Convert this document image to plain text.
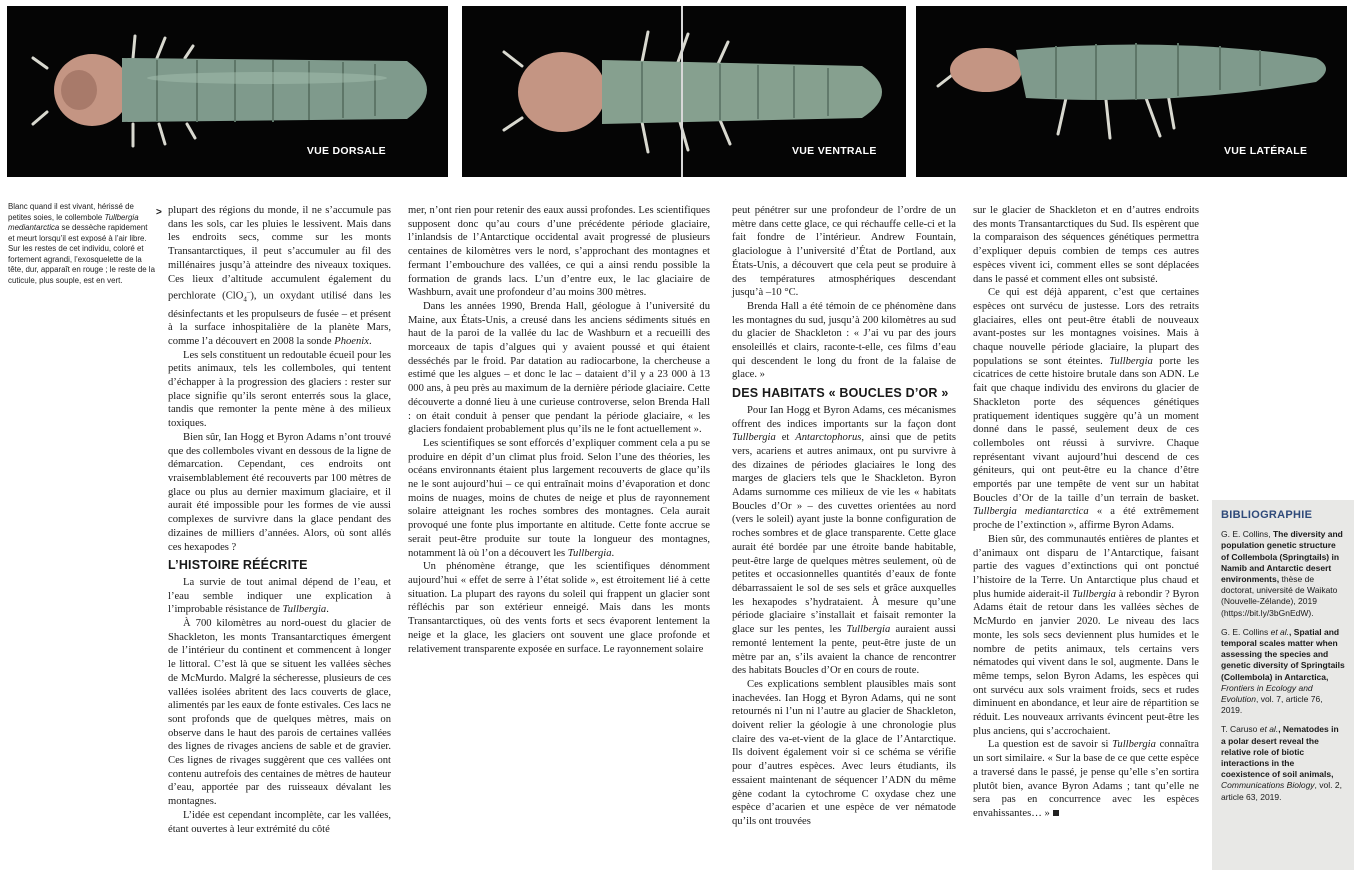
VUE DORSALE	VUE VENTRALE	VUE LATÉRALE
Blanc quand il est vivant, hérissé de petites soies, le collembole Tullbergia mediantarctica se dessèche rapidement et meurt lorsqu’il est exposé à l’air libre. Sur les restes de cet individu, coloré et fortement agrandi, l’exosquelette de la tête, dur, apparaît en rouge ; le reste de la cuticule, plus souple, est en vert.
> plupart des régions du monde, il ne s’accumule pas dans les sols, car les pluies le lessivent. Mais dans les endroits secs, comme sur les monts Transantarctiques, il peut s’accumuler au fil des millénaires jusqu’à atteindre des niveaux toxiques. Ces lieux d’altitude accumulent également du perchlorate (ClO$_4$–), un oxydant utilisé dans les désinfectants et les propulseurs de fusée – et présent à la surface inhospitalière de la planète Mars, comme l’a découvert en 2008 la sonde Phoenix.

Les sels constituent un redoutable écueil pour les petits animaux, tels les collemboles, qui tentent d’échapper à la progression des glaciers : rester sur place signifie qu’ils seront enterrés sous la glace, tandis que remonter la pente mène à des milieux toxiques.

Bien sûr, Ian Hogg et Byron Adams n’ont trouvé que des collemboles vivant en dessous de la ligne de démarcation. Cependant, ces endroits ont vraisemblablement été recouverts par 100 mètres de glace ou plus au dernier maximum glaciaire, et il aurait été impossible pour les formes de vie aussi complexes de survivre dans la glace pendant des dizaines de milliers d’années. Alors, où sont allés ces hexapodes ?

L’HISTOIRE RÉÉCRITE

La survie de tout animal dépend de l’eau, et l’eau semble indiquer une explication à l’improbable résistance de Tullbergia.

À 700 kilomètres au nord-ouest du glacier de Shackleton, les monts Transantarctiques émergent de l’intérieur du continent et commencent à longer le littoral. C’est là que se situent les vallées sèches de McMurdo. Malgré la sécheresse, plusieurs de ces vallées isolées abritent des lacs couverts de glace, alimentés par les eaux de fonte estivales. Ces lacs ne sont profonds que de quelques mètres, mais on observe dans le haut des parois de certaines vallées des lignes de rivages anciens de sable et de gravier. Ces lignes de rivages suggèrent que ces vallées ont contenu autrefois des centaines de mètres de hauteur d’eau, apportée par des ruisseaux dévalant les montagnes.

L’idée est cependant incomplète, car les vallées, étant ouvertes à leur extrémité du côté

mer, n’ont rien pour retenir des eaux aussi profondes. Les scientifiques supposent donc qu’au cours d’une précédente période glaciaire, l’inlandsis de l’Antarctique occidental avait progressé de plusieurs centaines de kilomètres vers le nord, s’approchant des montagnes et fermant l’embouchure des vallées, ce qui a ainsi rendu possible la formation de grands lacs. L’un d’entre eux, le lac glaciaire de Washburn, avait une profondeur d’au moins 300 mètres.

Dans les années 1990, Brenda Hall, géologue à l’université du Maine, aux États-Unis, a creusé dans les anciens sédiments situés en haut de la paroi de la vallée du lac de Washburn et a recueilli des morceaux de tapis d’algues qui y avaient poussé et qui étaient desséchés par le froid. Par datation au radiocarbone, la chercheuse a estimé que les algues – et donc le lac – dataient d’il y a 23 000 à 13 000 ans, à peu près au maximum de la dernière période glaciaire. Cette découverte a donné lieu à une curieuse controverse, selon Brenda Hall : on était conduit à penser que pendant la période glaciaire, « les glaciers fondaient probablement plus qu’ils ne le font actuellement ».

Les scientifiques se sont efforcés d’expliquer comment cela a pu se produire en dépit d’un climat plus froid. Selon l’une des théories, les océans environnants étaient plus largement recouverts de glace qu’ils ne le sont aujourd’hui – ce qui entraînait moins d’évaporation et donc moins de nuages, moins de chutes de neige et plus de rayonnement solaire atteignant les roches sombres des montagnes. Cela aurait provoqué une fonte plus importante en altitude. Cette fonte accrue se serait peut-être produite sur toute la longueur des montagnes, notamment là où l’on a découvert les Tullbergia.

Un phénomène étrange, que les scientifiques dénomment aujourd’hui « effet de serre à l’état solide », est étroitement lié à cette situation. La plupart des rayons du soleil qui frappent un glacier sont réfléchis par son extérieur enneigé. Mais dans les monts Transantarctiques, où des vents forts et secs évaporent lentement la neige et la glace, les glaciers ont souvent une glace profonde et relativement transparente exposée en surface. Le rayonnement solaire

peut pénétrer sur une profondeur de l’ordre de un mètre dans cette glace, ce qui réchauffe celle-ci et la fait fondre de l’intérieur. Andrew Fountain, glaciologue à l’université d’État de Portland, aux États-Unis, a découvert que cela peut se produire à des températures atmosphériques descendant jusqu’à –10 °C.

Brenda Hall a été témoin de ce phénomène dans les montagnes du sud, jusqu’à 200 kilomètres au sud du glacier de Shackleton : « J’ai vu par des jours ensoleillés et clairs, raconte-t-elle, ces films d’eau qui descendent le long du front de la falaise de glace. »

DES HABITATS « BOUCLES D’OR »

Pour Ian Hogg et Byron Adams, ces mécanismes offrent des indices importants sur la façon dont Tullbergia et Antarctophorus, ainsi que de petits vers, acariens et autres animaux, ont pu survivre à des dizaines de périodes glaciaires le long des marges de glaciers tels que le Shackleton. Byron Adams surnomme ces milieux de vie les « habitats Boucles d’Or » – des cuvettes orientées au nord (vers le soleil) ayant juste la bonne configuration de roches sombres et de glace transparente. Cette glace aurait été bordée par une étroite bande habitable, peut-être large de quelques mètres seulement, où de petites et occasionnelles quantités d’eaux de fonte débarrassaient le sol de ses sels et grâce auxquelles les hexapodes s’hydrataient. À mesure qu’une période glaciaire s’installait et faisait remonter la glace sur les pentes, les Tullbergia auraient aussi remonté lentement la pente, peut-être juste de un mètre par an, s’ils avaient la chance de rencontrer des habitats Boucles d’Or en cours de route.

Ces explications semblent plausibles mais sont inachevées. Ian Hogg et Byron Adams, qui ne sont retournés ni l’un ni l’autre au glacier de Shackleton, doivent relier la géologie à une chronologie plus claire des va-et-vient de la glace de l’Antarctique. Ils doivent également voir si ce schéma se vérifie pour d’autres espèces. Avec leurs étudiants, ils essaient maintenant de séquencer l’ADN du même gène codant la cytochrome C oxydase chez une espèce d’acarien et une espèce de ver nématode qu’ils ont trouvées

sur le glacier de Shackleton et en d’autres endroits des monts Transantarctiques du Sud. Ils espèrent que la comparaison des séquences génétiques permettra d’expliquer depuis combien de temps ces autres espèces vivent ici, comment elles se sont déplacées dans le passé et comment elles ont subsisté.

Ce qui est déjà apparent, c’est que certaines espèces ont survécu de justesse. Lors des retraits glaciaires, elles ont peut-être établi de nouveaux avant-postes sur les montagnes voisines. Mais à chaque nouvelle période glaciaire, la plupart des populations se sont éteintes. Tullbergia porte les cicatrices de cette histoire brutale dans son ADN. Le fait que chaque individu des environs du glacier de Shackleton porte des séquences génétiques pratiquement identiques suggère qu’à un moment donné dans le passé, seulement deux de ces collemboles ont réussi à survivre. Chaque représentant vivant aujourd’hui descend de ces géniteurs, qui ont peut-être eu la chance d’être emportés par une tempête de vent sur un habitat Boucles d’Or de la taille d’un terrain de basket. Tullbergia mediantarctica « a été extrêmement proche de l’extinction », affirme Byron Adams.

Bien sûr, des communautés entières de plantes et d’animaux ont disparu de l’Antarctique, faisant partie des vagues d’extinctions qui ont ponctué l’histoire de la Terre. Un Antarctique plus chaud et plus humide aiderait-il Tullbergia à rebondir ? Byron Adams était de retour dans les vallées sèches de McMurdo en janvier 2020. Le niveau des lacs monte, les sols secs deviennent plus humides et le nombre de petits animaux, tels certains vers nématodes qui vivent dans le sol, augmente. Dans le même temps, selon Byron Adams, les espèces qui ont survécu aux sols vraiment froids, secs et rudes diminuent en abondance, et leur aire de répartition se réduit. Les nouveaux arrivants évincent peut-être les plus anciens, qui s’accrochaient.

La question est de savoir si Tullbergia connaîtra un sort similaire. « Sur la base de ce que cette espèce a traversé dans le passé, je pense qu’elle s’en sortira plutôt bien, avance Byron Adams ; tant qu’elle ne sera pas en concurrence avec les espèces envahissantes… »

BIBLIOGRAPHIE
G. E. Collins, The diversity and population genetic structure of Collembola (Springtails) in Namib and Antarctic desert environments, thèse de doctorat, université de Waikato (Nouvelle-Zélande), 2019 (https://bit.ly/3bGnEdW).
G. E. Collins et al., Spatial and temporal scales matter when assessing the species and genetic diversity of Springtails (Collembola) in Antarctica, Frontiers in Ecology and Evolution, vol. 7, article 76, 2019.
T. Caruso et al., Nematodes in a polar desert reveal the relative role of biotic interactions in the coexistence of soil animals, Communications Biology, vol. 2, article 63, 2019.
